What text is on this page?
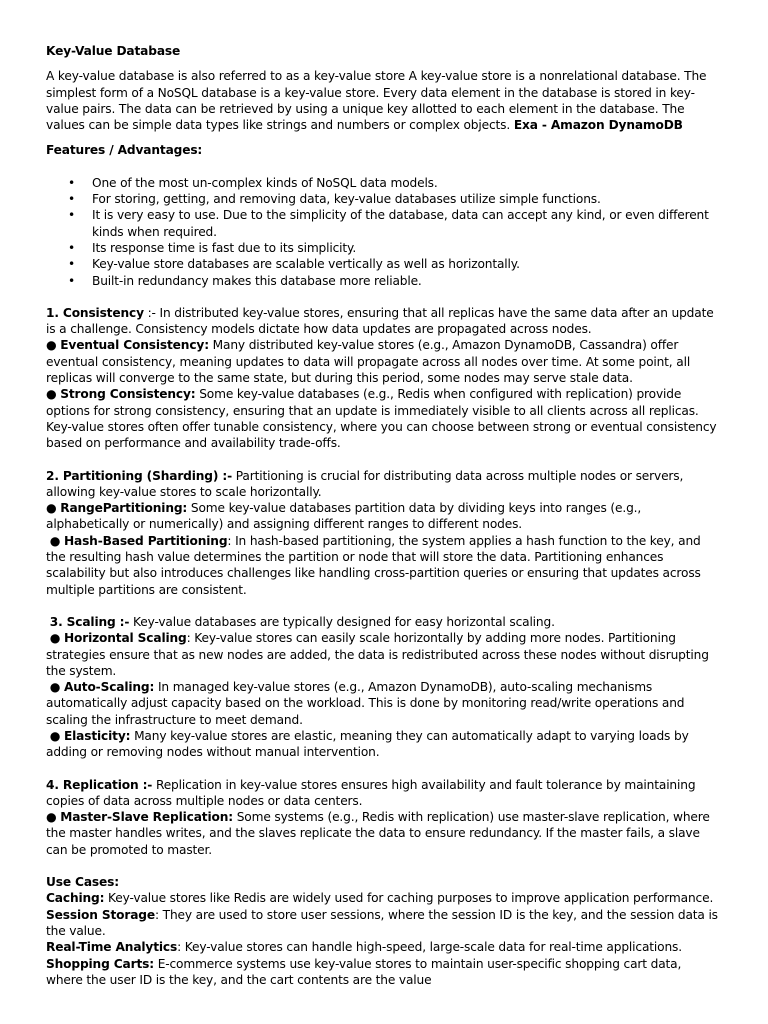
Key-Value Database

A key-value database is also referred to as a key-value store A key-value store is a nonrelational database. The simplest form of a NoSQL database is a key-value store. Every data element in the database is stored in key-value pairs. The data can be retrieved by using a unique key allotted to each element in the database. The values can be simple data types like strings and numbers or complex objects. Exa - Amazon DynamoDB

Features / Advantages:

• One of the most un-complex kinds of NoSQL data models.
• For storing, getting, and removing data, key-value databases utilize simple functions.
• It is very easy to use. Due to the simplicity of the database, data can accept any kind, or even different kinds when required.
• Its response time is fast due to its simplicity.
• Key-value store databases are scalable vertically as well as horizontally.
• Built-in redundancy makes this database more reliable.

1. Consistency :- In distributed key-value stores, ensuring that all replicas have the same data after an update is a challenge. Consistency models dictate how data updates are propagated across nodes.

● Eventual Consistency: Many distributed key-value stores (e.g., Amazon DynamoDB, Cassandra) offer eventual consistency, meaning updates to data will propagate across all nodes over time. At some point, all replicas will converge to the same state, but during this period, some nodes may serve stale data.

● Strong Consistency: Some key-value databases (e.g., Redis when configured with replication) provide options for strong consistency, ensuring that an update is immediately visible to all clients across all replicas. Key-value stores often offer tunable consistency, where you can choose between strong or eventual consistency based on performance and availability trade-offs.

2. Partitioning (Sharding) :- Partitioning is crucial for distributing data across multiple nodes or servers, allowing key-value stores to scale horizontally.

● RangePartitioning: Some key-value databases partition data by dividing keys into ranges (e.g., alphabetically or numerically) and assigning different ranges to different nodes.

● Hash-Based Partitioning: In hash-based partitioning, the system applies a hash function to the key, and the resulting hash value determines the partition or node that will store the data. Partitioning enhances scalability but also introduces challenges like handling cross-partition queries or ensuring that updates across multiple partitions are consistent.

3. Scaling :- Key-value databases are typically designed for easy horizontal scaling.

● Horizontal Scaling: Key-value stores can easily scale horizontally by adding more nodes. Partitioning strategies ensure that as new nodes are added, the data is redistributed across these nodes without disrupting the system.

● Auto-Scaling: In managed key-value stores (e.g., Amazon DynamoDB), auto-scaling mechanisms automatically adjust capacity based on the workload. This is done by monitoring read/write operations and scaling the infrastructure to meet demand.

● Elasticity: Many key-value stores are elastic, meaning they can automatically adapt to varying loads by adding or removing nodes without manual intervention.

4. Replication :- Replication in key-value stores ensures high availability and fault tolerance by maintaining copies of data across multiple nodes or data centers.

● Master-Slave Replication: Some systems (e.g., Redis with replication) use master-slave replication, where the master handles writes, and the slaves replicate the data to ensure redundancy. If the master fails, a slave can be promoted to master.

Use Cases:

Caching: Key-value stores like Redis are widely used for caching purposes to improve application performance.

Session Storage: They are used to store user sessions, where the session ID is the key, and the session data is the value.

Real-Time Analytics: Key-value stores can handle high-speed, large-scale data for real-time applications.

Shopping Carts: E-commerce systems use key-value stores to maintain user-specific shopping cart data, where the user ID is the key, and the cart contents are the value
